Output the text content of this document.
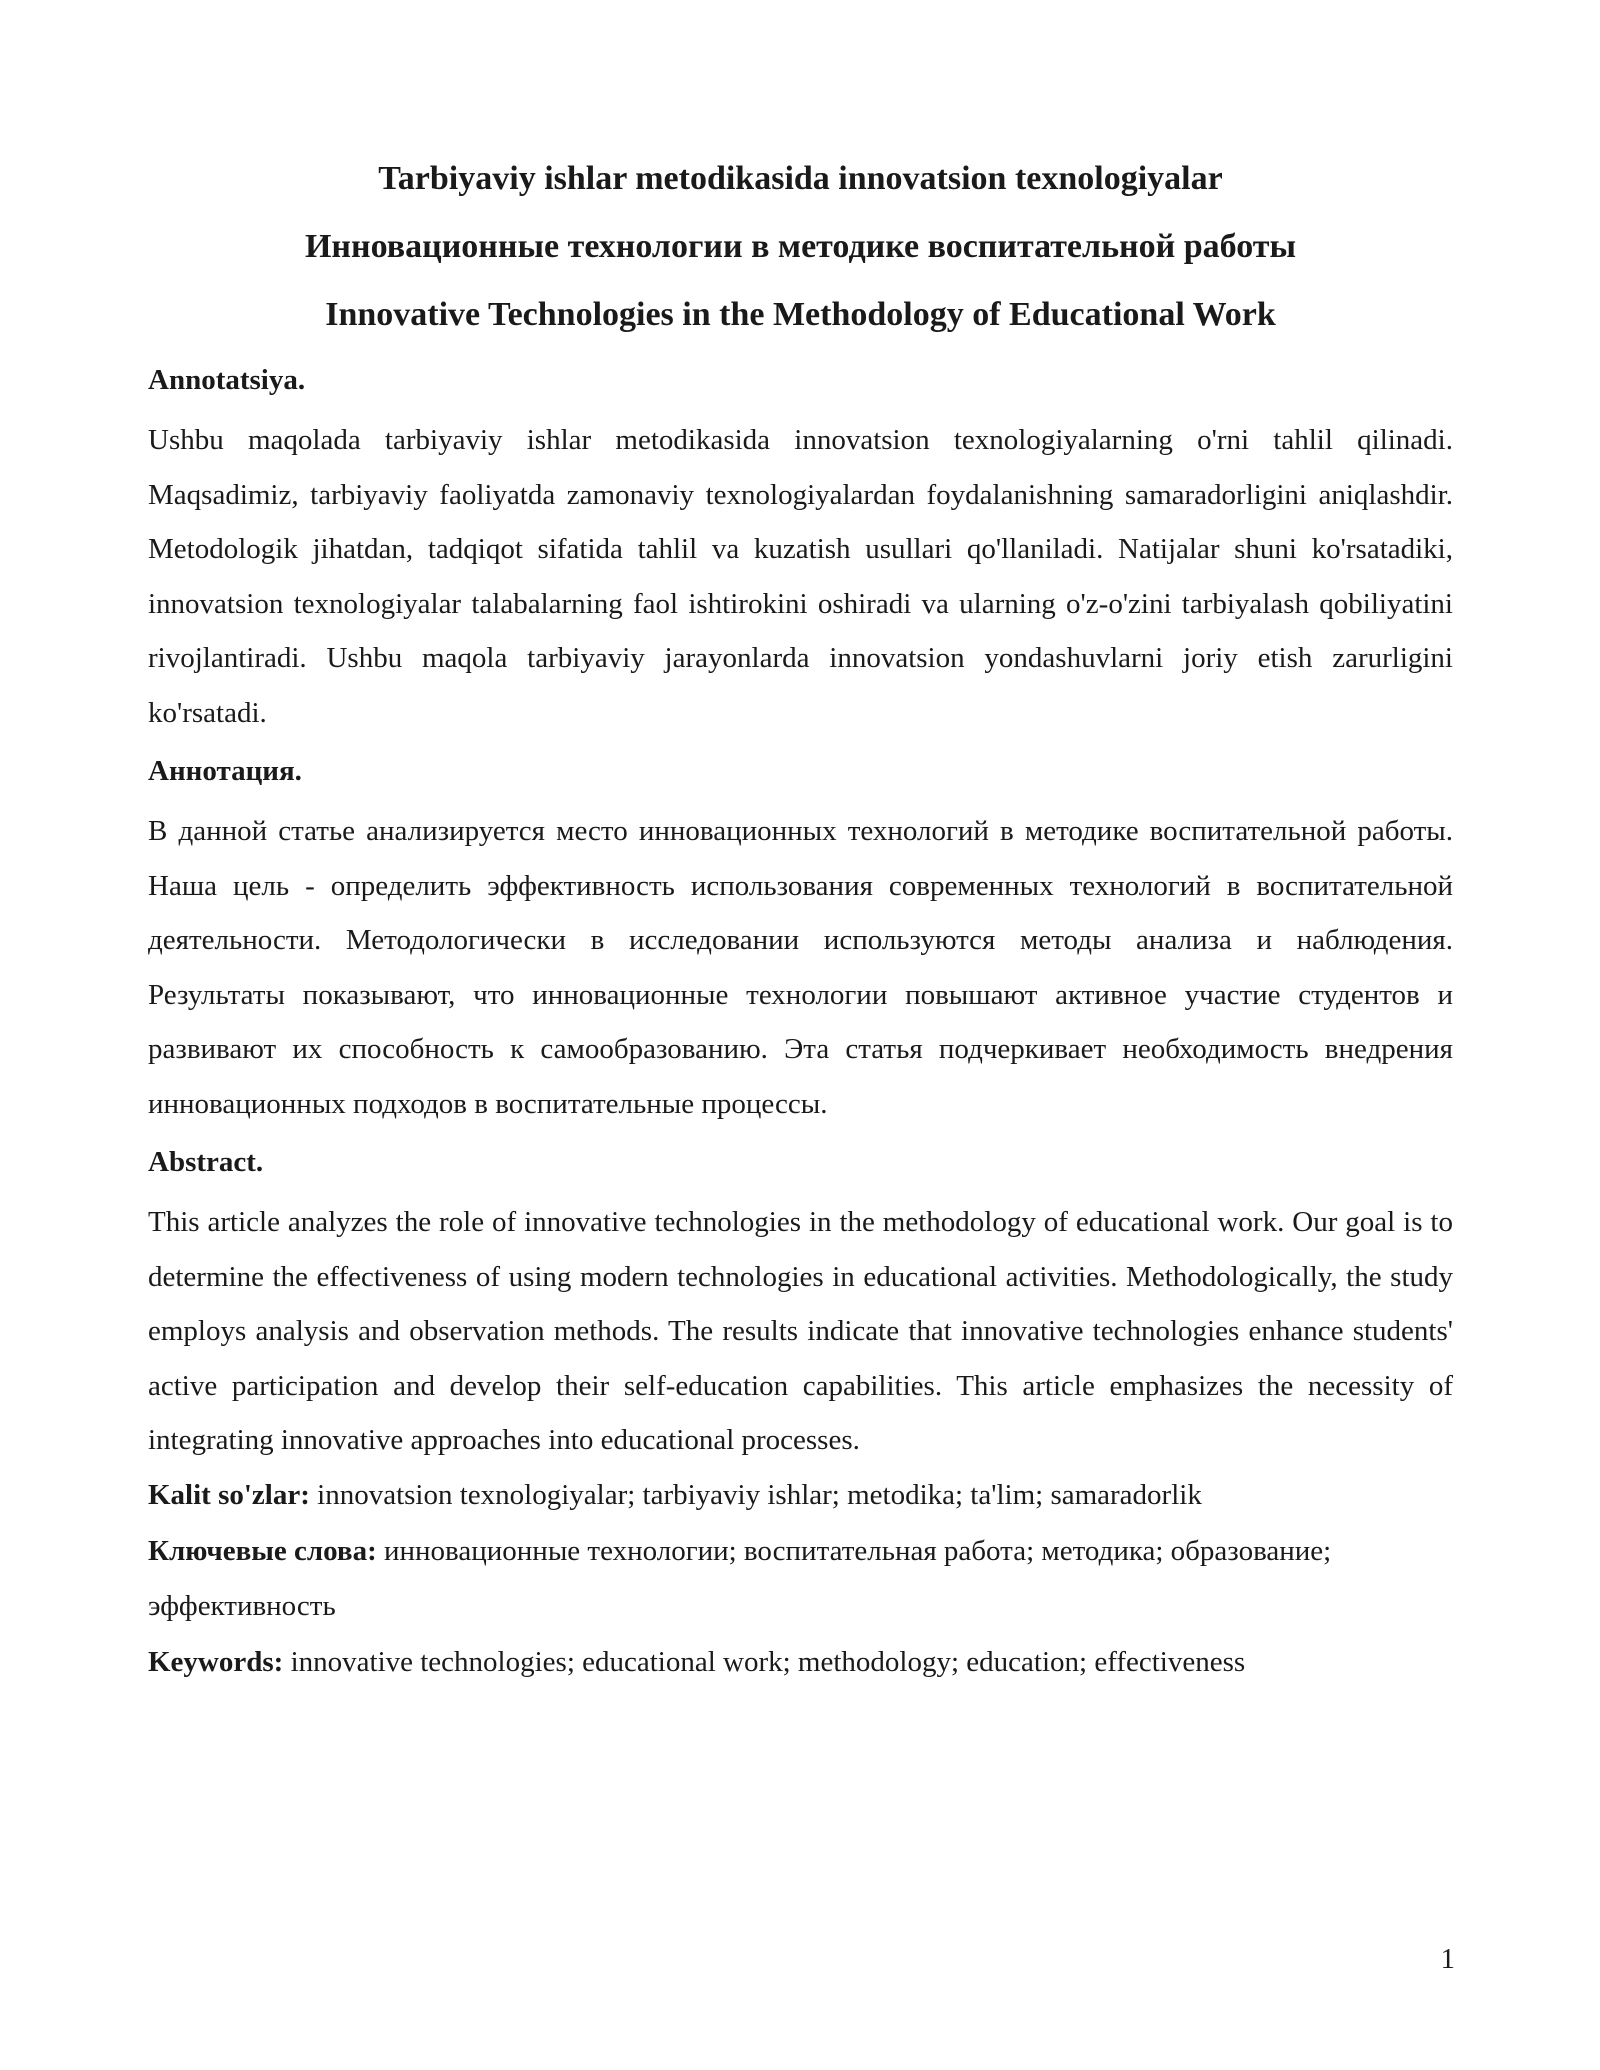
Tarbiyaviy ishlar metodikasida innovatsion texnologiyalar
Инновационные технологии в методике воспитательной работы
Innovative Technologies in the Methodology of Educational Work
Annotatsiya.

Ushbu maqolada tarbiyaviy ishlar metodikasida innovatsion texnologiyalarning o'rni tahlil qilinadi. Maqsadimiz, tarbiyaviy faoliyatda zamonaviy texnologiyalardan foydalanishning samaradorligini aniqlashdir. Metodologik jihatdan, tadqiqot sifatida tahlil va kuzatish usullari qo'llaniladi. Natijalar shuni ko'rsatadiki, innovatsion texnologiyalar talabalarning faol ishtirokini oshiradi va ularning o'z-o'zini tarbiyalash qobiliyatini rivojlantiradi. Ushbu maqola tarbiyaviy jarayonlarda innovatsion yondashuvlarni joriy etish zarurligini ko'rsatadi.

Аннотация.

В данной статье анализируется место инновационных технологий в методике воспитательной работы. Наша цель - определить эффективность использования современных технологий в воспитательной деятельности. Методологически в исследовании используются методы анализа и наблюдения. Результаты показывают, что инновационные технологии повышают активное участие студентов и развивают их способность к самообразованию. Эта статья подчеркивает необходимость внедрения инновационных подходов в воспитательные процессы.

Abstract.

This article analyzes the role of innovative technologies in the methodology of educational work. Our goal is to determine the effectiveness of using modern technologies in educational activities. Methodologically, the study employs analysis and observation methods. The results indicate that innovative technologies enhance students' active participation and develop their self-education capabilities. This article emphasizes the necessity of integrating innovative approaches into educational processes.

Kalit so'zlar: innovatsion texnologiyalar; tarbiyaviy ishlar; metodika; ta'lim; samaradorlik

Ключевые слова: инновационные технологии; воспитательная работа; методика; образование; эффективность

Keywords: innovative technologies; educational work; methodology; education; effectiveness

1
